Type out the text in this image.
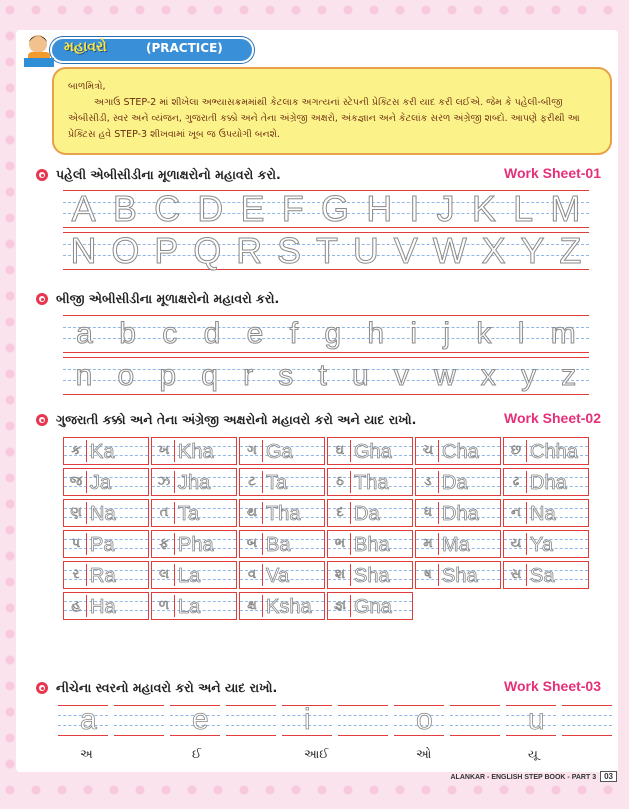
મહાવરો	(PRACTICE)

બાળમિત્રો,

અગાઉ STEP-2 માં શીખેલા અભ્યાસક્રમમાંથી કેટલાક અગત્યનાં સ્ટેપની પ્રેક્ટિસ કરી યાદ કરી લઈએ. જેમ કે પહેલી-બીજી એબીસીડી, સ્વર અને વ્યંજન, ગુજરાતી કક્કો અને તેના અંગ્રેજી અક્ષરો, અંકજ્ઞાન અને કેટલાંક સરળ અંગ્રેજી શબ્દો. આપણે ફરીથી આ પ્રેક્ટિસ હવે STEP-3 શીખવામાં ખૂબ જ ઉપયોગી બનશે.

પહેલી એબીસીડીના મૂળાક્ષરોનો મહાવરો કરો.	Work Sheet-01
A B C D E F G H I J K L M
N O P Q R S T U V W X Y Z
બીજી એબીસીડીના મૂળાક્ષરોનો મહાવરો કરો.
a b c d e f g h i j k l m
n o p q r s t u v w x y z
ગુજરાતી કક્કો અને તેના અંગ્રેજી અક્ષરોનો મહાવરો કરો અને યાદ રાખો.	Work Sheet-02
ક Ka	ખ Kha	ગ Ga	ઘ Gha	ચ Cha	છ Chha
જ Ja	ઝ Jha	ટ Ta	ઠ Tha	ડ Da	ઢ Dha
ણ Na	ત Ta	થ Tha	દ Da	ધ Dha	ન Na
પ Pa	ફ Pha	બ Ba	ભ Bha	મ Ma	ય Ya
ર Ra	લ La	વ Va	શ Sha	ષ Sha	સ Sa
હ Ha	ળ La	ક્ષ Ksha	જ્ઞ Gna
નીચેના સ્વરનો મહાવરો કરો અને યાદ રાખો.	Work Sheet-03
a
અ
e
ઈ
i
આઈ
o
ઓ
u
યૂ
ALANKAR - ENGLISH STEP BOOK - PART 3 03
